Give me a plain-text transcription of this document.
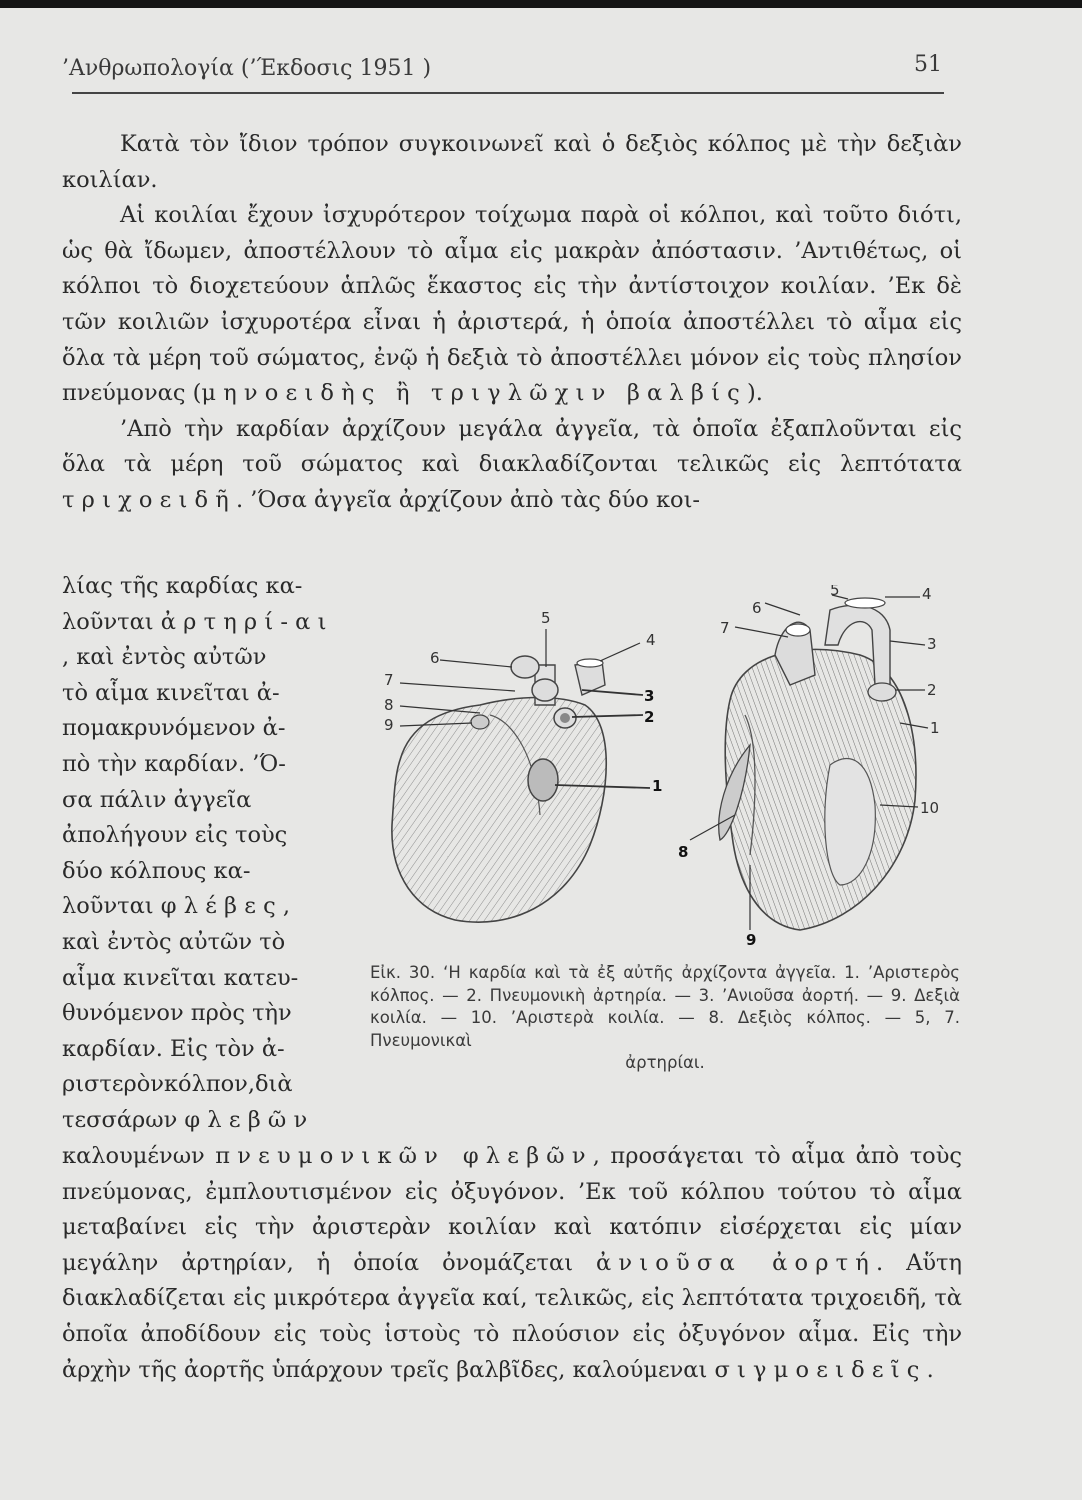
’Ανθρωπολογία (’Έκδοσις 1951 )	51

Κατὰ τὸν ἴδιον τρόπον συγκοινωνεῖ καὶ ὁ δεξιὸς κόλπος μὲ τὴν δεξιὰν κοιλίαν.

Αἱ κοιλίαι ἔχουν ἰσχυρότερον τοίχωμα παρὰ οἱ κόλποι, καὶ τοῦτο διότι, ὡς θὰ ἴδωμεν, ἀποστέλλουν τὸ αἷμα εἰς μακρὰν ἀπόστασιν. ’Αντιθέτως, οἱ κόλποι τὸ διοχετεύουν ἁπλῶς ἕκαστος εἰς τὴν ἀντίστοιχον κοιλίαν. ’Εκ δὲ τῶν κοιλιῶν ἰσχυροτέρα εἶναι ἡ ἀριστερά, ἡ ὁποία ἀποστέλλει τὸ αἷμα εἰς ὅλα τὰ μέρη τοῦ σώματος, ἐνῷ ἡ δεξιὰ τὸ ἀποστέλλει μόνον εἰς τοὺς πλησίον πνεύμονας (μηνοειδὴς ἢ τριγλῶχιν βαλβίς).

’Απὸ τὴν καρδίαν ἀρχίζουν μεγάλα ἀγγεῖα, τὰ ὁποῖα ἐξαπλοῦνται εἰς ὅλα τὰ μέρη τοῦ σώματος καὶ διακλαδίζονται τελικῶς εἰς λεπτότατα τριχοειδῆ. ’Όσα ἀγγεῖα ἀρχίζουν ἀπὸ τὰς δύο κοι-

λίας τῆς καρδίας κα-
λοῦνται ἀρτηρί-αι
, καὶ ἐντὸς αὐτῶν
τὸ αἷμα κινεῖται ἀ-
πομακρυνόμενον ἀ-
πὸ τὴν καρδίαν. ’Ό-
σα πάλιν ἀγγεῖα
ἀπολήγουν εἰς τοὺς
δύο κόλπους κα-
λοῦνται φλέβες,
καὶ ἐντὸς αὐτῶν τὸ
αἷμα κινεῖται κατευ-
θυνόμενον πρὸς τὴν
καρδίαν. Εἰς τὸν ἀ-
ριστερὸνκόλπον,διὰ
τεσσάρων φλεβῶν
5
4
6
7
3
8
2
9
1
5	4
6
7
3
2
1
10
8
9
Εἰκ. 30. ‘Η καρδία καὶ τὰ ἐξ αὐτῆς ἀρχίζοντα ἀγγεῖα. 1. ’Αριστερὸς κόλπος. — 2. Πνευμονικὴ ἀρτηρία. — 3. ’Ανιοῦσα ἀορτή. — 9. Δεξιὰ κοιλία. — 10. ’Αριστερὰ κοιλία. — 8. Δεξιὸς κόλπος. — 5, 7. Πνευμονικαὶ
ἀρτηρίαι.

καλουμένων πνευμονικῶν φλεβῶν, προσάγεται τὸ αἷμα ἀπὸ τοὺς πνεύμονας, ἐμπλουτισμένον εἰς ὀξυγόνον. ’Εκ τοῦ κόλπου τούτου τὸ αἷμα μεταβαίνει εἰς τὴν ἀριστερὰν κοιλίαν καὶ κατόπιν εἰσέρχεται εἰς μίαν μεγάλην ἀρτηρίαν, ἡ ὁποία ὀνομάζεται ἀνιοῦσα ἀορτή. Αὕτη διακλαδίζεται εἰς μικρότερα ἀγγεῖα καί, τελικῶς, εἰς λεπτότατα τριχοειδῆ, τὰ ὁποῖα ἀποδίδουν εἰς τοὺς ἱστοὺς τὸ πλούσιον εἰς ὀξυγόνον αἷμα. Εἰς τὴν ἀρχὴν τῆς ἀορτῆς ὑπάρχουν τρεῖς βαλβῖδες, καλούμεναι σιγμοειδεῖς.
